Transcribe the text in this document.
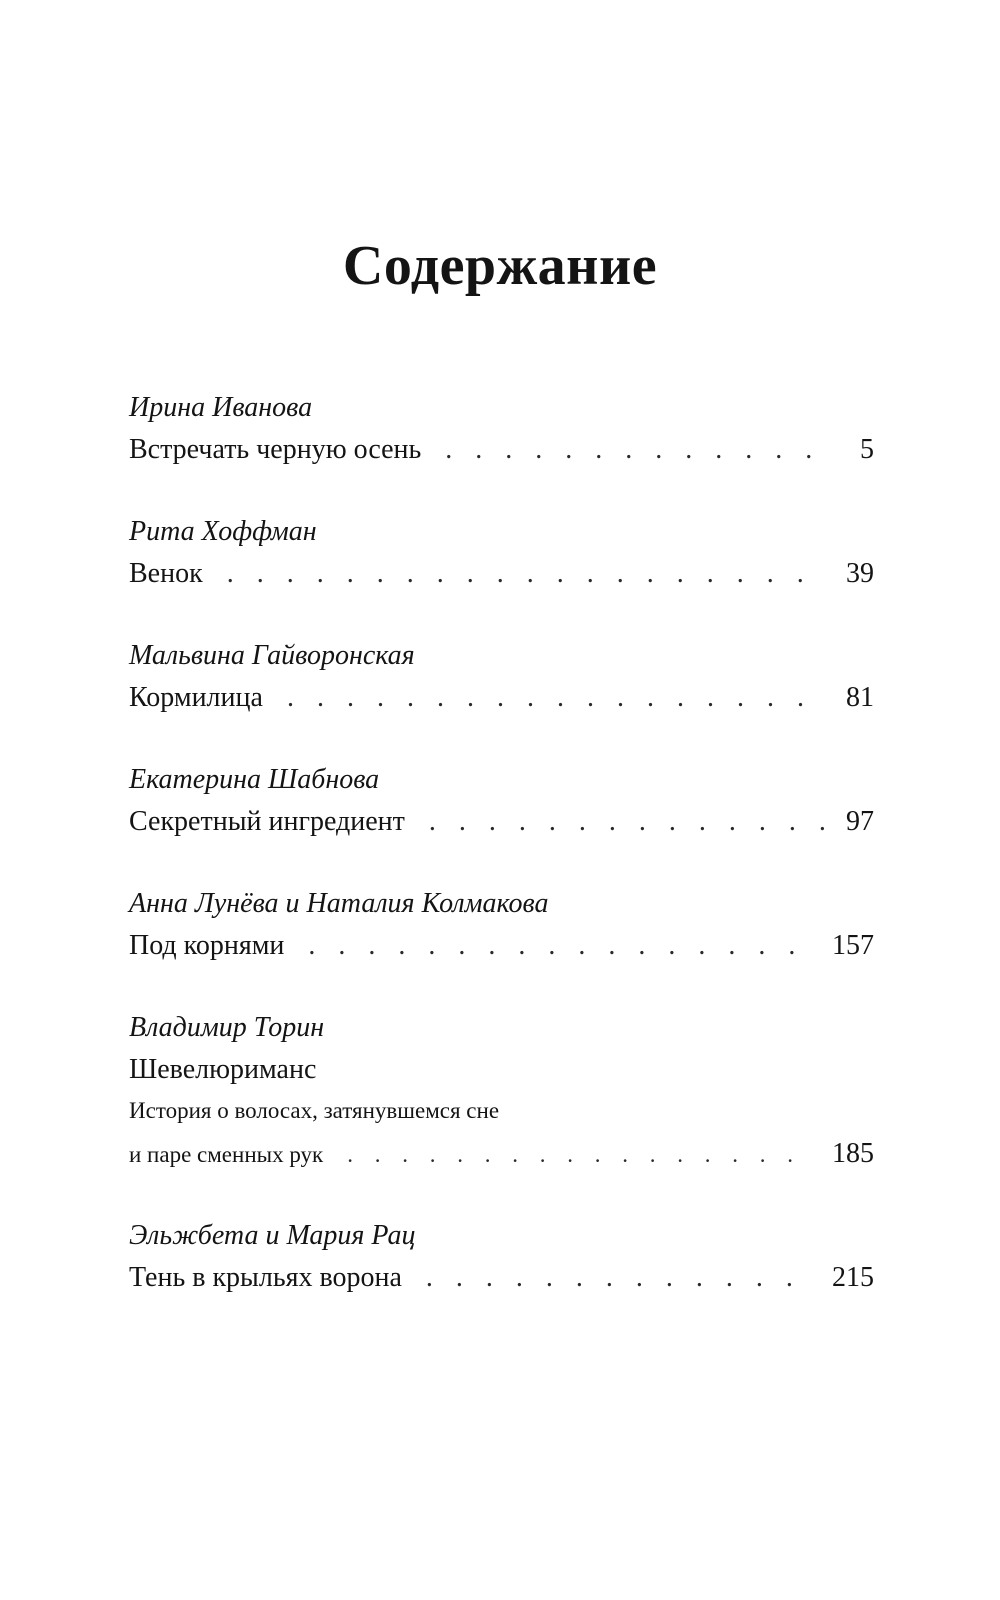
Содержание
Ирина Иванова
Встречать черную осень . . .	5
Рита Хоффман
Венок . . .	39
Мальвина Гайворонская
Кормилица . . .	81
Екатерина Шабнова
Секретный ингредиент . . .	97
Анна Лунёва и Наталия Колмакова
Под корнями . . .	157
Владимир Торин
Шевелюриманс
История о волосах, затянувшемся сне
и паре сменных рук . . .	185
Эльжбета и Мария Рац
Тень в крыльях ворона . . .	215
